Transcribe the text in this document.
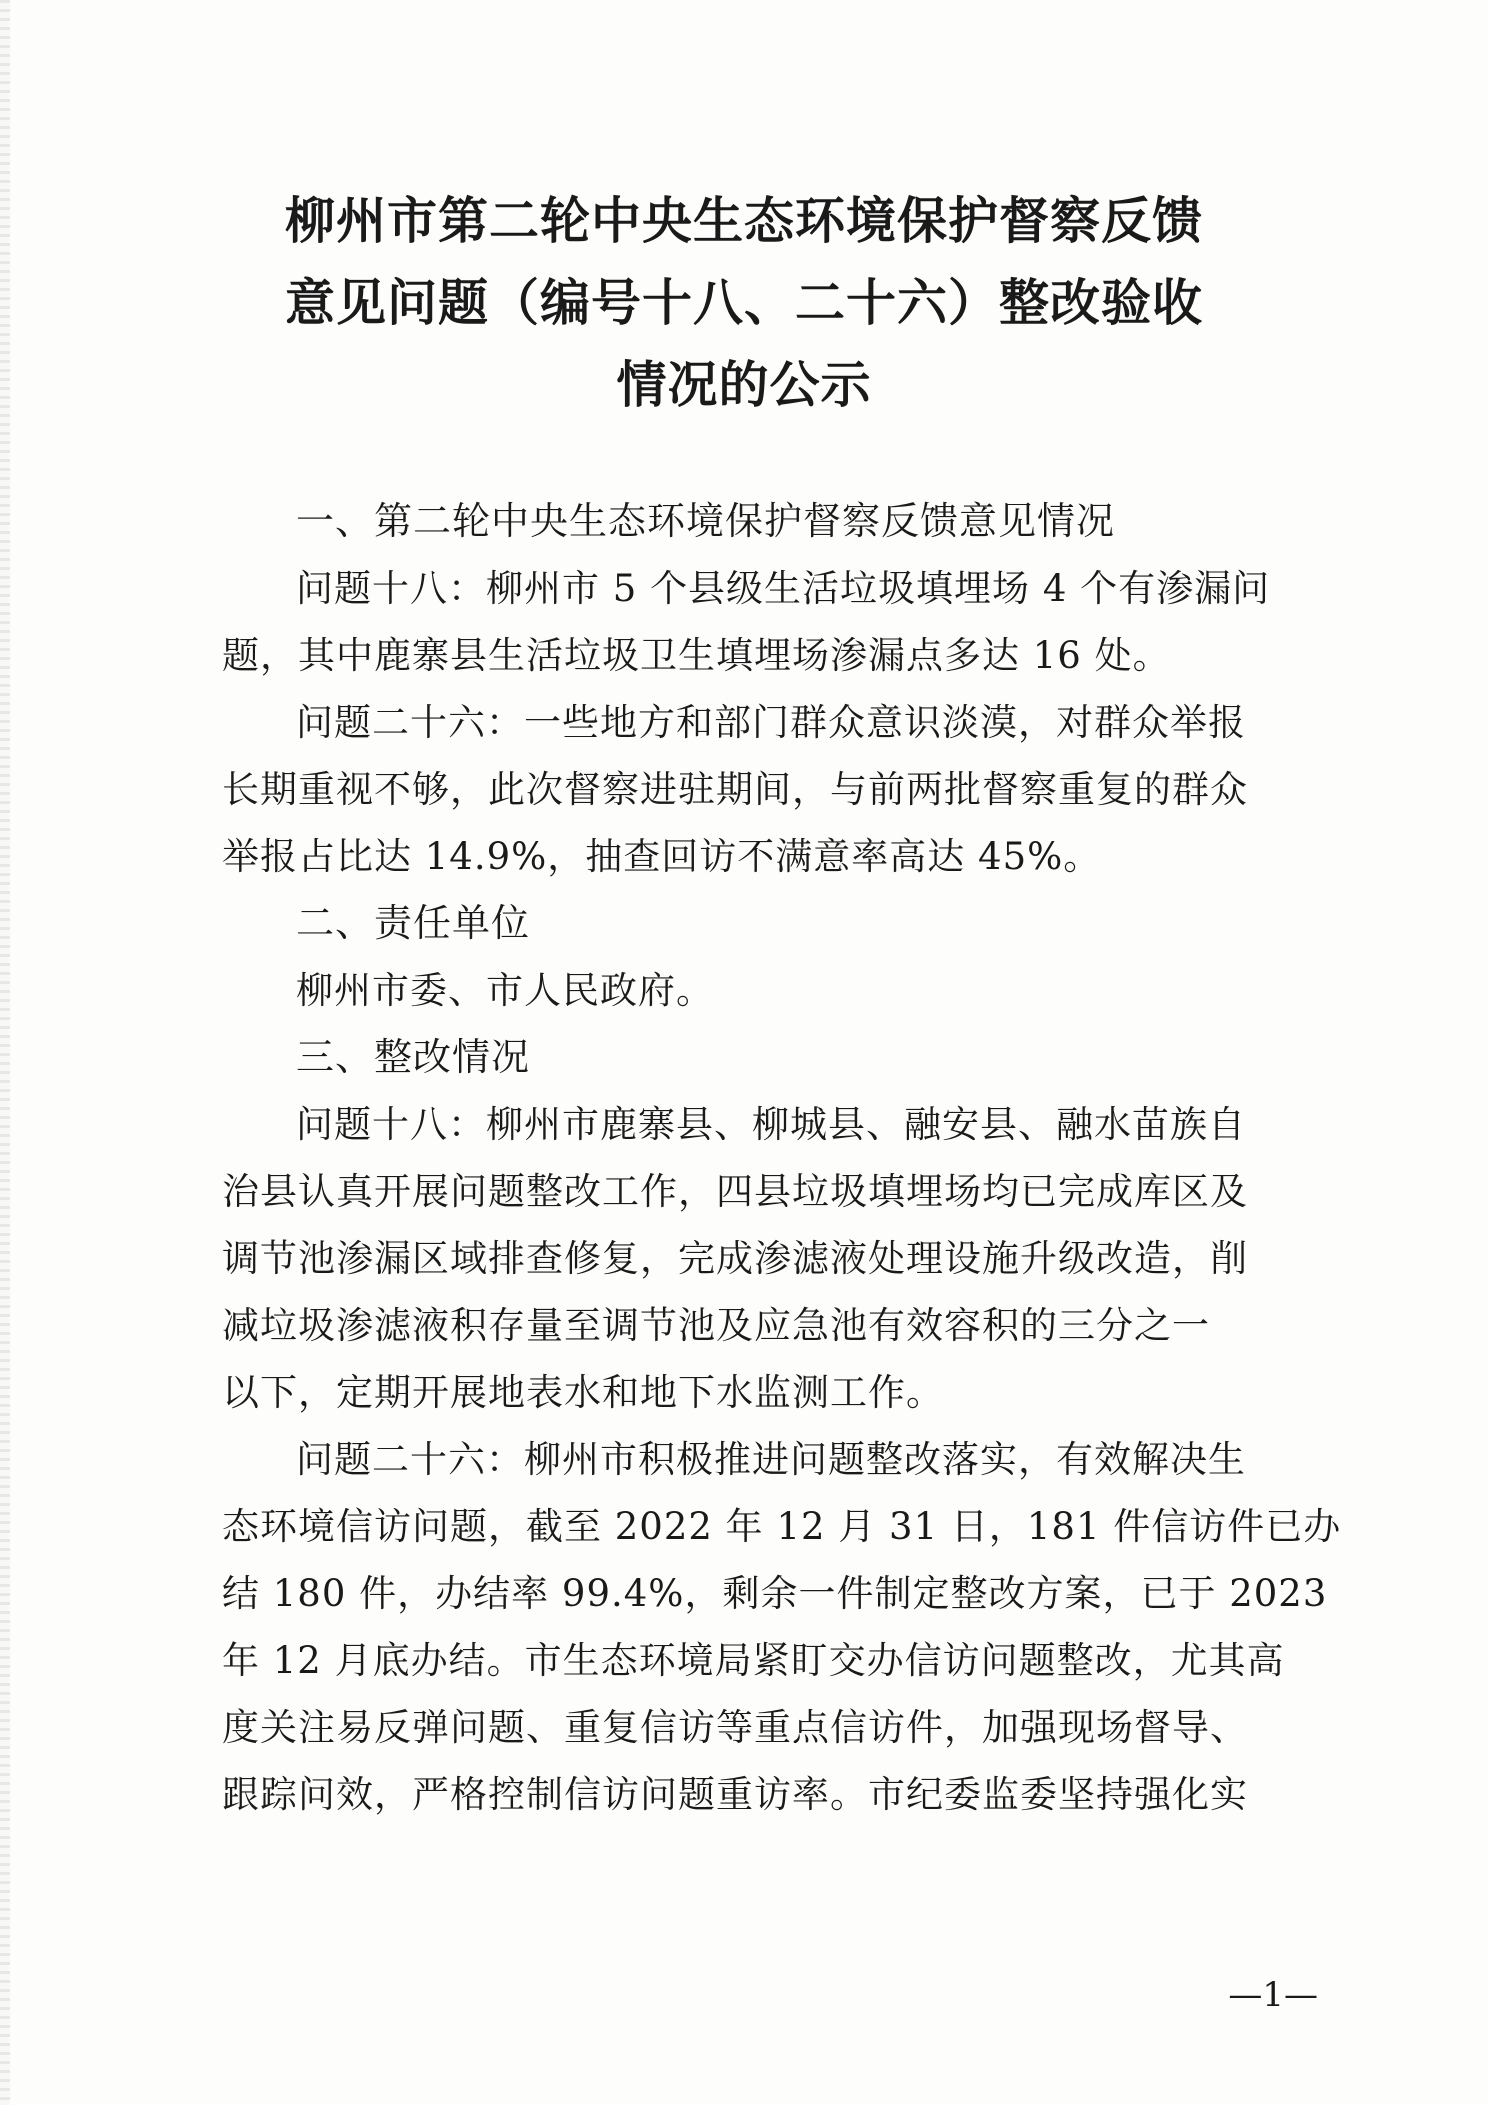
柳州市第二轮中央生态环境保护督察反馈
意见问题（编号十八、二十六）整改验收
情况的公示

一、第二轮中央生态环境保护督察反馈意见情况

问题十八：柳州市 5 个县级生活垃圾填埋场 4 个有渗漏问

题，其中鹿寨县生活垃圾卫生填埋场渗漏点多达 16 处。

问题二十六：一些地方和部门群众意识淡漠，对群众举报

长期重视不够，此次督察进驻期间，与前两批督察重复的群众

举报占比达 14.9%，抽查回访不满意率高达 45%。

二、责任单位

柳州市委、市人民政府。

三、整改情况

问题十八：柳州市鹿寨县、柳城县、融安县、融水苗族自

治县认真开展问题整改工作，四县垃圾填埋场均已完成库区及

调节池渗漏区域排查修复，完成渗滤液处理设施升级改造，削

减垃圾渗滤液积存量至调节池及应急池有效容积的三分之一

以下，定期开展地表水和地下水监测工作。

问题二十六：柳州市积极推进问题整改落实，有效解决生

态环境信访问题，截至 2022 年 12 月 31 日，181 件信访件已办

结 180 件，办结率 99.4%，剩余一件制定整改方案，已于 2023

年 12 月底办结。市生态环境局紧盯交办信访问题整改，尤其高

度关注易反弹问题、重复信访等重点信访件，加强现场督导、

跟踪问效，严格控制信访问题重访率。市纪委监委坚持强化实

—1—
